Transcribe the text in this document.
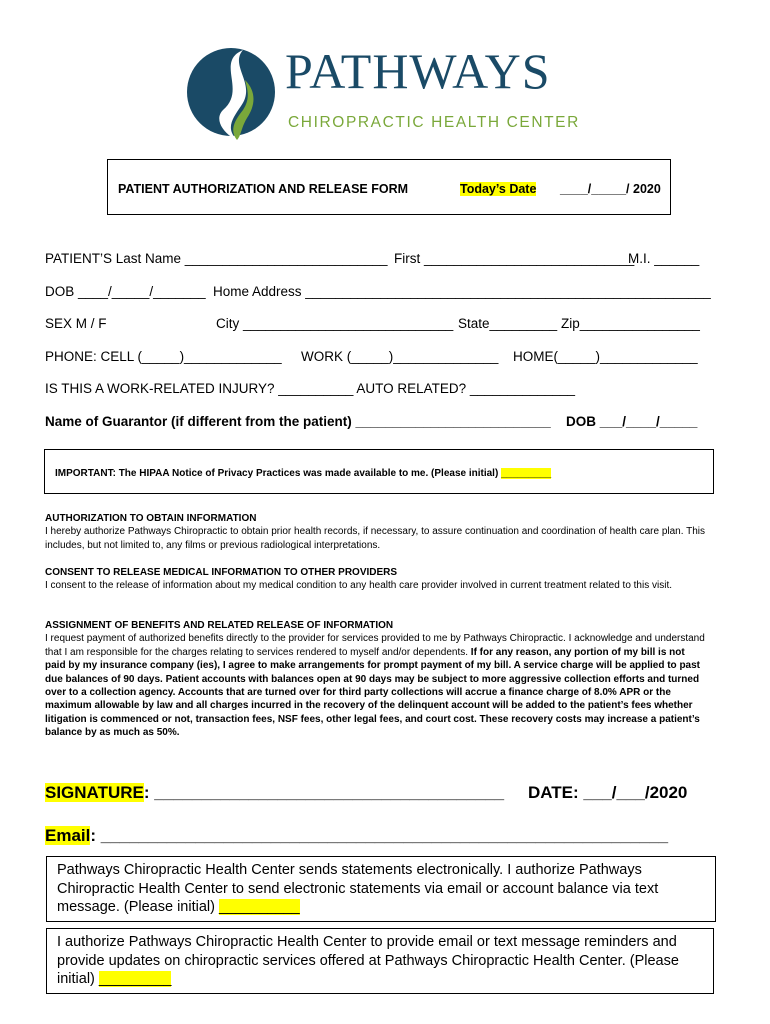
PATHWAYS
CHIROPRACTIC HEALTH CENTER
PATIENT AUTHORIZATION AND RELEASE FORM	Today’s Date ____/_____/ 2020
PATIENT’S Last Name ___________________________ First ____________________________
M.I. ______
DOB ____/_____/_______ Home Address ______________________________________________________
SEX M / F	City ____________________________ State_________ Zip________________
PHONE: CELL (_____)_____________ WORK (_____)______________ HOME(_____)_____________
IS THIS A WORK-RELATED INJURY? __________ AUTO RELATED? ______________
Name of Guarantor (if different from the patient) __________________________ DOB ___/____/_____
IMPORTANT: The HIPAA Notice of Privacy Practices was made available to me. (Please initial) _________

AUTHORIZATION TO OBTAIN INFORMATION

I hereby authorize Pathways Chiropractic to obtain prior health records, if necessary, to assure continuation and coordination of health care plan. This includes, but not limited to, any films or previous radiological interpretations.

CONSENT TO RELEASE MEDICAL INFORMATION TO OTHER PROVIDERS

I consent to the release of information about my medical condition to any health care provider involved in current treatment related to this visit.

ASSIGNMENT OF BENEFITS AND RELATED RELEASE OF INFORMATION

I request payment of authorized benefits directly to the provider for services provided to me by Pathways Chiropractic. I acknowledge and understand that I am responsible for the charges relating to services rendered to myself and/or dependents. If for any reason, any portion of my bill is not paid by my insurance company (ies), I agree to make arrangements for prompt payment of my bill. A service charge will be applied to past due balances of 90 days. Patient accounts with balances open at 90 days may be subject to more aggressive collection efforts and turned over to a collection agency. Accounts that are turned over for third party collections will accrue a finance charge of 8.0% APR or the maximum allowable by law and all charges incurred in the recovery of the delinquent account will be added to the patient’s fees whether litigation is commenced or not, transaction fees, NSF fees, other legal fees, and court cost. These recovery costs may increase a patient’s balance by as much as 50%.

SIGNATURE: _____________________________________ DATE: ___/___/2020
Email: ____________________________________________________________
Pathways Chiropractic Health Center sends statements electronically. I authorize Pathways Chiropractic Health Center to send electronic statements via email or account balance via text message. (Please initial) __________
I authorize Pathways Chiropractic Health Center to provide email or text message reminders and provide updates on chiropractic services offered at Pathways Chiropractic Health Center. (Please initial) _________
